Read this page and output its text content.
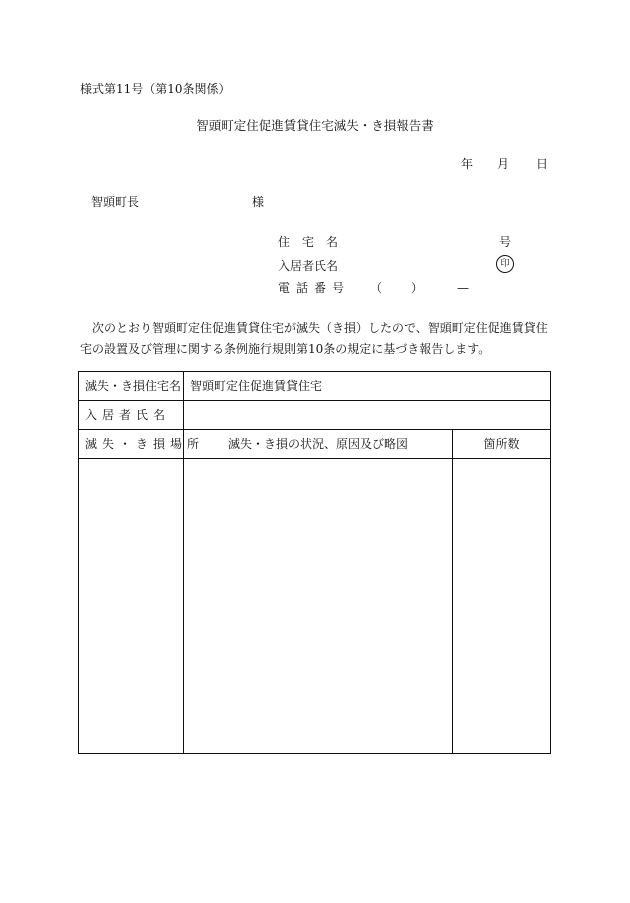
様式第11号（第10条関係）
智頭町定住促進賃貸住宅滅失・き損報告書
年 月 日
智頭町長	様
住宅名	号
入居者氏名	印
電話番号 （ ）	—
　次のとおり智頭町定住促進賃貸住宅が滅失（き損）したので、智頭町定住促進賃貸住
宅の設置及び管理に関する条例施行規則第10条の規定に基づき報告します。
滅失・き損住宅名	智頭町定住促進賃貸住宅	
入居者氏名		
滅失・き損場所	滅失・き損の状況、原因及び略図	箇所数
